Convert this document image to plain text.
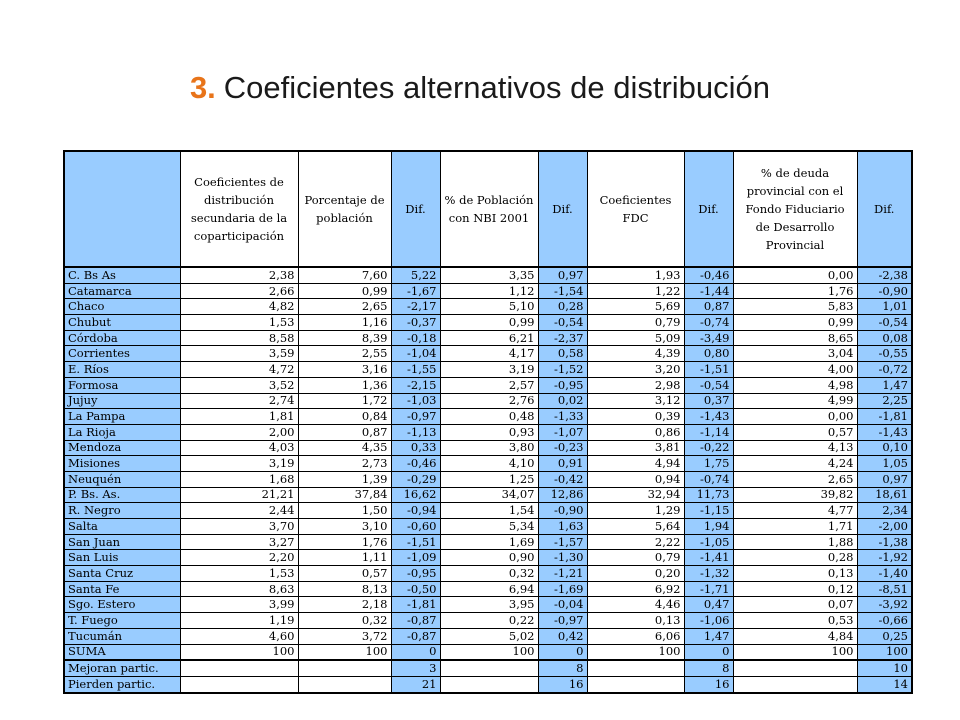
3. Coeficientes alternativos de distribución
	Coeficientes de distribución secundaria de la coparticipación	Porcentaje de población	Dif.	% de Población con NBI 2001	Dif.	Coeficientes FDC	Dif.	% de deuda provincial con el Fondo Fiduciario de Desarrollo Provincial	Dif.
C. Bs As	2,38	7,60	5,22	3,35	0,97	1,93	-0,46	0,00	-2,38
Catamarca	2,66	0,99	-1,67	1,12	-1,54	1,22	-1,44	1,76	-0,90
Chaco	4,82	2,65	-2,17	5,10	0,28	5,69	0,87	5,83	1,01
Chubut	1,53	1,16	-0,37	0,99	-0,54	0,79	-0,74	0,99	-0,54
Córdoba	8,58	8,39	-0,18	6,21	-2,37	5,09	-3,49	8,65	0,08
Corrientes	3,59	2,55	-1,04	4,17	0,58	4,39	0,80	3,04	-0,55
E. Ríos	4,72	3,16	-1,55	3,19	-1,52	3,20	-1,51	4,00	-0,72
Formosa	3,52	1,36	-2,15	2,57	-0,95	2,98	-0,54	4,98	1,47
Jujuy	2,74	1,72	-1,03	2,76	0,02	3,12	0,37	4,99	2,25
La Pampa	1,81	0,84	-0,97	0,48	-1,33	0,39	-1,43	0,00	-1,81
La Rioja	2,00	0,87	-1,13	0,93	-1,07	0,86	-1,14	0,57	-1,43
Mendoza	4,03	4,35	0,33	3,80	-0,23	3,81	-0,22	4,13	0,10
Misiones	3,19	2,73	-0,46	4,10	0,91	4,94	1,75	4,24	1,05
Neuquén	1,68	1,39	-0,29	1,25	-0,42	0,94	-0,74	2,65	0,97
P. Bs. As.	21,21	37,84	16,62	34,07	12,86	32,94	11,73	39,82	18,61
R. Negro	2,44	1,50	-0,94	1,54	-0,90	1,29	-1,15	4,77	2,34
Salta	3,70	3,10	-0,60	5,34	1,63	5,64	1,94	1,71	-2,00
San Juan	3,27	1,76	-1,51	1,69	-1,57	2,22	-1,05	1,88	-1,38
San Luis	2,20	1,11	-1,09	0,90	-1,30	0,79	-1,41	0,28	-1,92
Santa Cruz	1,53	0,57	-0,95	0,32	-1,21	0,20	-1,32	0,13	-1,40
Santa Fe	8,63	8,13	-0,50	6,94	-1,69	6,92	-1,71	0,12	-8,51
Sgo. Estero	3,99	2,18	-1,81	3,95	-0,04	4,46	0,47	0,07	-3,92
T. Fuego	1,19	0,32	-0,87	0,22	-0,97	0,13	-1,06	0,53	-0,66
Tucumán	4,60	3,72	-0,87	5,02	0,42	6,06	1,47	4,84	0,25
SUMA	100	100	0	100	0	100	0	100	100
Mejoran partic.			3		8		8		10
Pierden partic.			21		16		16		14
